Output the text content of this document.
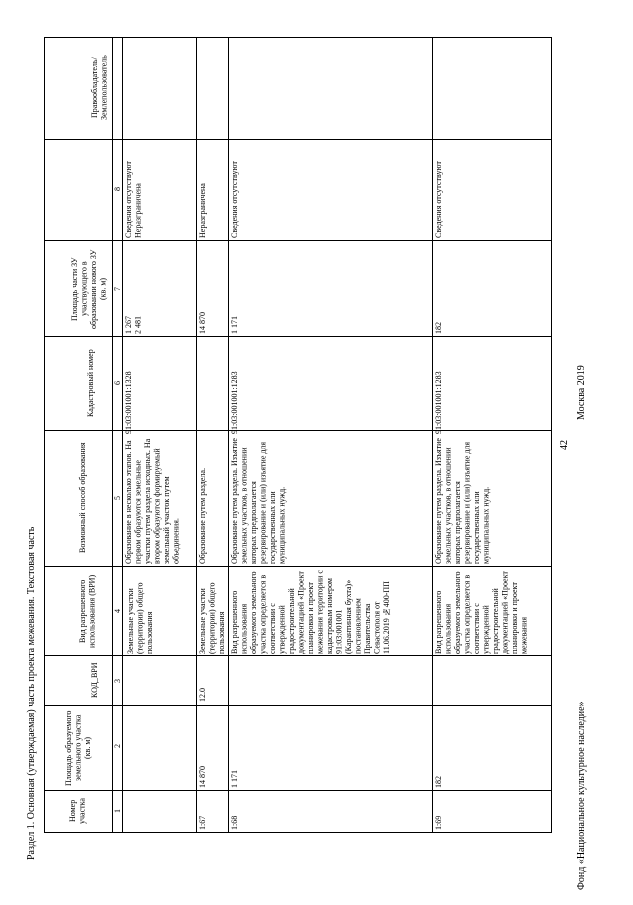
Раздел 1. Основная (утверждаемая) часть проекта межевания. Текстовая часть
42
Фонд «Национальное культурное наследие»
Москва 2019
Номер участка
Площадь образуемого земельного участка (кв. м)
КОД_ВРИ
Вид разрешенного использования (ВРИ)
Возможный способ образования
Кадастровый номер
Площадь части ЗУ участвующего в образовании нового ЗУ (кв. м)
Правообладатель/Землепользователь
1
2
3
4
5
6
7
8
Земельные участки (территории) общего пользования
Образование в несколько этапов. На первом образуются земельные участки путем раздела исходных. На втором образуются формируемый земельный участок путем объединения.
91:03:001001:1328
1 267
2 481
Сведения отсутствуют
Неразграничена
1:67
14 870
12.0
Земельные участки (территории) общего пользования
Образование путем раздела.
14 870
Неразграничена
1:68
1 171
Вид разрешенного использования образуемого земельного участка определяется в соответствии с утвержденной градостроительной документацией «Проект планировки и проект межевания территории с кадастровым номером 91:03:001001 (Карантинная бухта)» постановлением Правительства Севастополя от 11.06.2019 №400-ПП
Образование путем раздела. Изъятие земельных участков, в отношении которых предполагается резервирование и (или) изъятие для государственных или муниципальных нужд.
91:03:001001:1283
1 171
Сведения отсутствуют
1:69
182
Вид разрешенного использования образуемого земельного участка определяется в соответствии с утвержденной градостроительной документацией «Проект планировки и проект межевания
Образование путем раздела. Изъятие земельных участков, в отношении которых предполагается резервирование и (или) изъятие для государственных или муниципальных нужд.
91:03:001001:1283
182
Сведения отсутствуют
